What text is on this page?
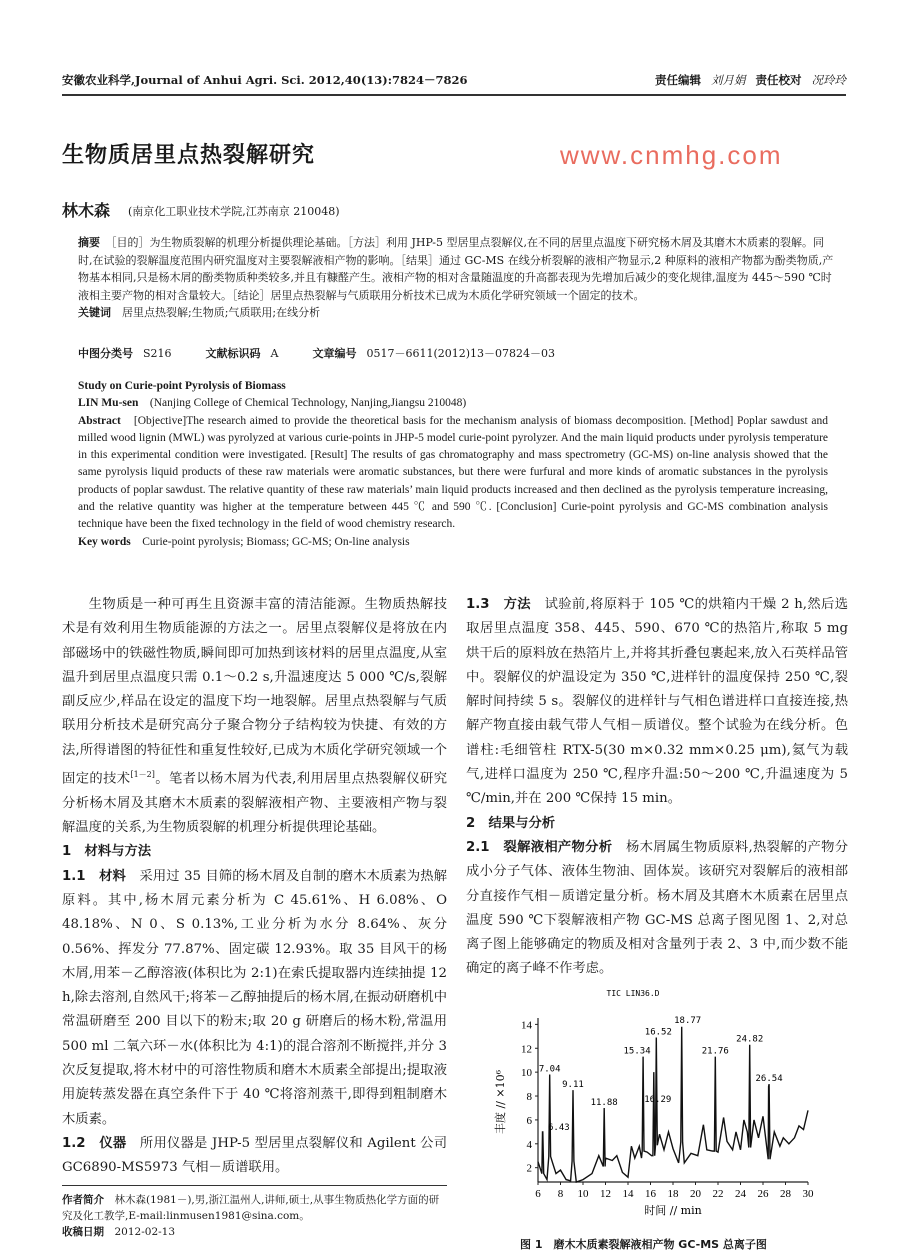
安徽农业科学,Journal of Anhui Agri. Sci. 2012,40(13):7824－7826	责任编辑 刘月娟 责任校对 况玲玲
生物质居里点热裂解研究	www.cnmhg.com
林木森 (南京化工职业技术学院,江苏南京 210048)
摘要　 ［目的］为生物质裂解的机理分析提供理论基础。［方法］利用 JHP-5 型居里点裂解仪,在不同的居里点温度下研究杨木屑及其磨木木质素的裂解。同时,在试验的裂解温度范围内研究温度对主要裂解液相产物的影响。［结果］通过 GC-MS 在线分析裂解的液相产物显示,2 种原料的液相产物都为酚类物质,产物基本相同,只是杨木屑的酚类物质种类较多,并且有糠醛产生。液相产物的相对含量随温度的升高都表现为先增加后减少的变化规律,温度为 445～590 ℃时液相主要产物的相对含量较大。［结论］居里点热裂解与气质联用分析技术已成为木质化学研究领域一个固定的技术。
关键词　 居里点热裂解;生物质;气质联用;在线分析
中图分类号 S216	文献标识码 A	文章编号 0517－6611(2012)13－07824－03
Study on Curie-point Pyrolysis of Biomass
LIN Mu-sen　 (Nanjing College of Chemical Technology, Nanjing,Jiangsu 210048)
Abstract　 [Objective]The research aimed to provide the theoretical basis for the mechanism analysis of biomass decomposition. [Method] Poplar sawdust and milled wood lignin (MWL) was pyrolyzed at various curie-points in JHP-5 model curie-point pyrolyzer. And the main liquid products under pyrolysis temperature in this experimental condition were investigated. [Result] The results of gas chromatography and mass spectrometry (GC-MS) on-line analysis showed that the same pyrolysis liquid products of these raw materials were aromatic substances, but there were furfural and more kinds of aromatic substances in the pyrolysis products of poplar sawdust. The relative quantity of these raw materials’ main liquid products increased and then declined as the pyrolysis temperature increasing, and the relative quantity was higher at the temperature between 445 ℃ and 590 ℃. [Conclusion] Curie-point pyrolysis and GC-MS combination analysis technique have been the fixed technology in the field of wood chemistry research.
Key words　 Curie-point pyrolysis; Biomass; GC-MS; On-line analysis

生物质是一种可再生且资源丰富的清洁能源。生物质热解技术是有效利用生物质能源的方法之一。居里点裂解仪是将放在内部磁场中的铁磁性物质,瞬间即可加热到该材料的居里点温度,从室温升到居里点温度只需 0.1～0.2 s,升温速度达 5 000 ℃/s,裂解副反应少,样品在设定的温度下均一地裂解。居里点热裂解与气质联用分析技术是研究高分子聚合物分子结构较为快捷、有效的方法,所得谱图的特征性和重复性较好,已成为木质化学研究领域一个固定的技术[1－2]。笔者以杨木屑为代表,利用居里点热裂解仪研究分析杨木屑及其磨木木质素的裂解液相产物、主要液相产物与裂解温度的关系,为生物质裂解的机理分析提供理论基础。

1　材料与方法

1.1　材料　 采用过 35 目筛的杨木屑及自制的磨木木质素为热解原料。其中,杨木屑元素分析为 C 45.61%、H 6.08%、O 48.18%、N 0、S 0.13%,工业分析为水分 8.64%、灰分 0.56%、挥发分 77.87%、固定碳 12.93%。取 35 目风干的杨木屑,用苯－乙醇溶液(体积比为 2:1)在索氏提取器内连续抽提 12 h,除去溶剂,自然风干;将苯－乙醇抽提后的杨木屑,在振动研磨机中常温研磨至 200 目以下的粉末;取 20 g 研磨后的杨木粉,常温用 500 ml 二氧六环－水(体积比为 4:1)的混合溶剂不断搅拌,并分 3 次反复提取,将木材中的可溶性物质和磨木木质素全部提出;提取液用旋转蒸发器在真空条件下于 40 ℃将溶剂蒸干,即得到粗制磨木木质素。

1.2　仪器　 所用仪器是 JHP-5 型居里点裂解仪和 Agilent 公司 GC6890-MS5973 气相－质谱联用。

1.3　方法　 试验前,将原料于 105 ℃的烘箱内干燥 2 h,然后选取居里点温度 358、445、590、670 ℃的热箔片,称取 5 mg 烘干后的原料放在热箔片上,并将其折叠包裹起来,放入石英样品管中。裂解仪的炉温设定为 350 ℃,进样针的温度保持 250 ℃,裂解时间持续 5 s。裂解仪的进样针与气相色谱进样口直接连接,热解产物直接由载气带人气相－质谱仪。整个试验为在线分析。色谱柱:毛细管柱 RTX-5(30 m×0.32 mm×0.25 μm),氦气为载气,进样口温度为 250 ℃,程序升温:50～200 ℃,升温速度为 5 ℃/min,并在 200 ℃保持 15 min。

2　结果与分析

2.1　裂解液相产物分析　 杨木屑属生物质原料,热裂解的产物分成小分子气体、液体生物油、固体炭。该研究对裂解后的液相部分直接作气相－质谱定量分析。杨木屑及其磨木木质素在居里点温度 590 ℃下裂解液相产物 GC-MS 总离子图见图 1、2,对总离子图上能够确定的物质及相对含量列于表 2、3 中,而少数不能确定的离子峰不作考虑。

作者简介　 林木森(1981－),男,浙江温州人,讲师,硕士,从事生物质热化学方面的研究及化工教学,E-mail:linmusen1981@sina.com。
收稿日期　 2012-02-13
6 8 10 12 14 16 18 20 22 24 26 28 30
2
4
6
8
10
12
14
TIC LIN36.D
时间 // min
丰度 // ×10⁶	6.43
7.04
9.11
11.88
15.34
16.29
16.52
18.77
21.76
24.82
26.54
图 1　磨木木质素裂解液相产物 GC-MS 总离子图
